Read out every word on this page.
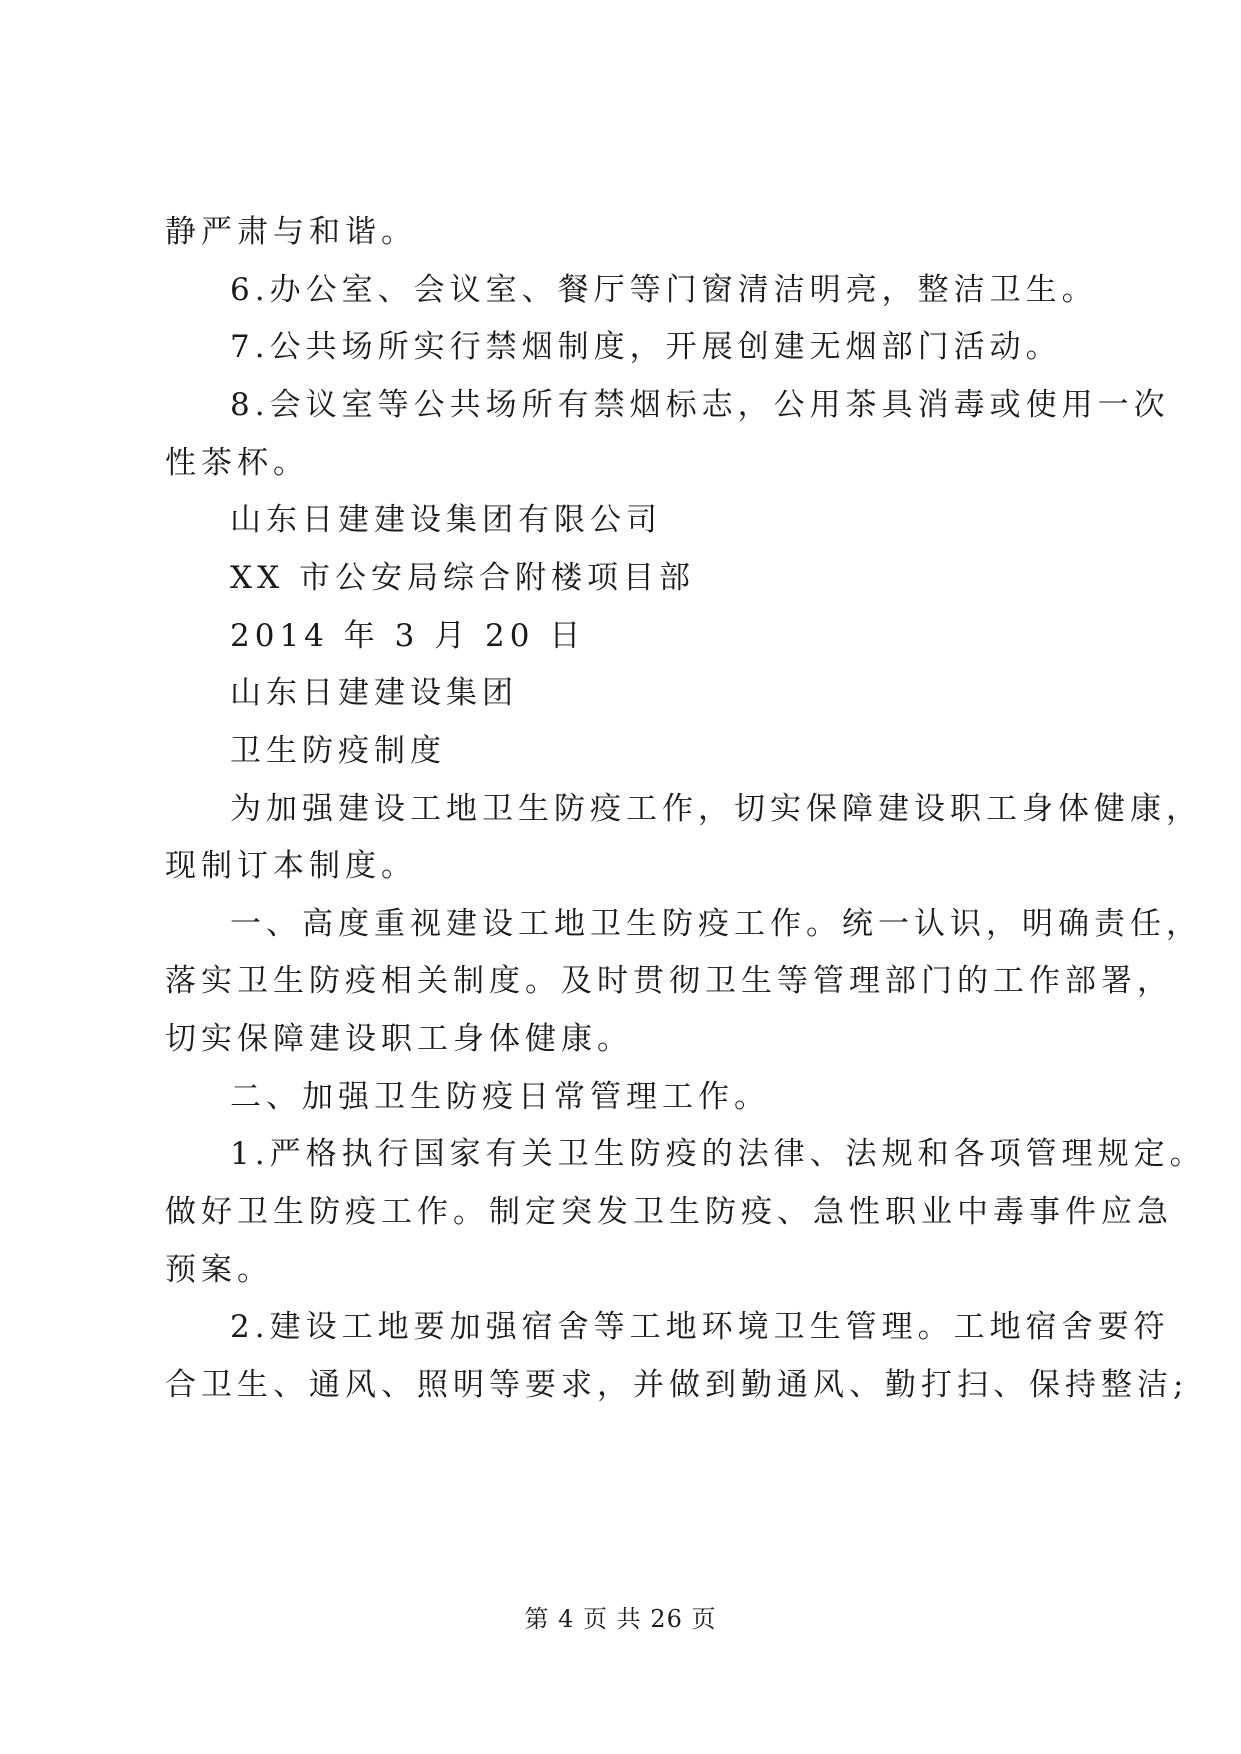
静严肃与和谐。
6.办公室、会议室、餐厅等门窗清洁明亮，整洁卫生。
7.公共场所实行禁烟制度，开展创建无烟部门活动。
8.会议室等公共场所有禁烟标志，公用茶具消毒或使用一次
性茶杯。
山东日建建设集团有限公司
XX 市公安局综合附楼项目部
2014 年 3 月 20 日
山东日建建设集团
卫生防疫制度
为加强建设工地卫生防疫工作，切实保障建设职工身体健康，
现制订本制度。
一、高度重视建设工地卫生防疫工作。统一认识，明确责任，
落实卫生防疫相关制度。及时贯彻卫生等管理部门的工作部署，
切实保障建设职工身体健康。
二、加强卫生防疫日常管理工作。
1.严格执行国家有关卫生防疫的法律、法规和各项管理规定。
做好卫生防疫工作。制定突发卫生防疫、急性职业中毒事件应急
预案。
2.建设工地要加强宿舍等工地环境卫生管理。工地宿舍要符
合卫生、通风、照明等要求，并做到勤通风、勤打扫、保持整洁;
第 4 页 共 26 页
